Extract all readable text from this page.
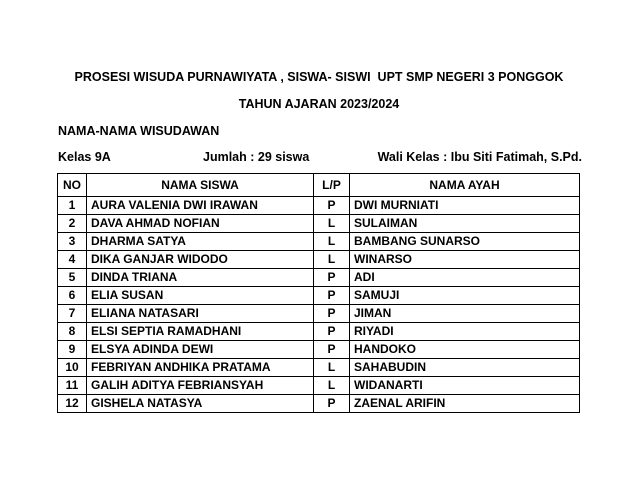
PROSESI WISUDA PURNAWIYATA , SISWA- SISWI  UPT SMP NEGERI 3 PONGGOK
TAHUN AJARAN 2023/2024
NAMA-NAMA WISUDAWAN
Kelas 9A	Jumlah : 29 siswa	Wali Kelas : Ibu Siti Fatimah, S.Pd.
NO	NAMA SISWA	L/P	NAMA AYAH
1	AURA VALENIA DWI IRAWAN	P	DWI MURNIATI
2	DAVA AHMAD NOFIAN	L	SULAIMAN
3	DHARMA SATYA	L	BAMBANG SUNARSO
4	DIKA GANJAR WIDODO	L	WINARSO
5	DINDA TRIANA	P	ADI
6	ELIA SUSAN	P	SAMUJI
7	ELIANA NATASARI	P	JIMAN
8	ELSI SEPTIA RAMADHANI	P	RIYADI
9	ELSYA ADINDA DEWI	P	HANDOKO
10	FEBRIYAN ANDHIKA PRATAMA	L	SAHABUDIN
11	GALIH ADITYA FEBRIANSYAH	L	WIDANARTI
12	GISHELA NATASYA	P	ZAENAL ARIFIN
